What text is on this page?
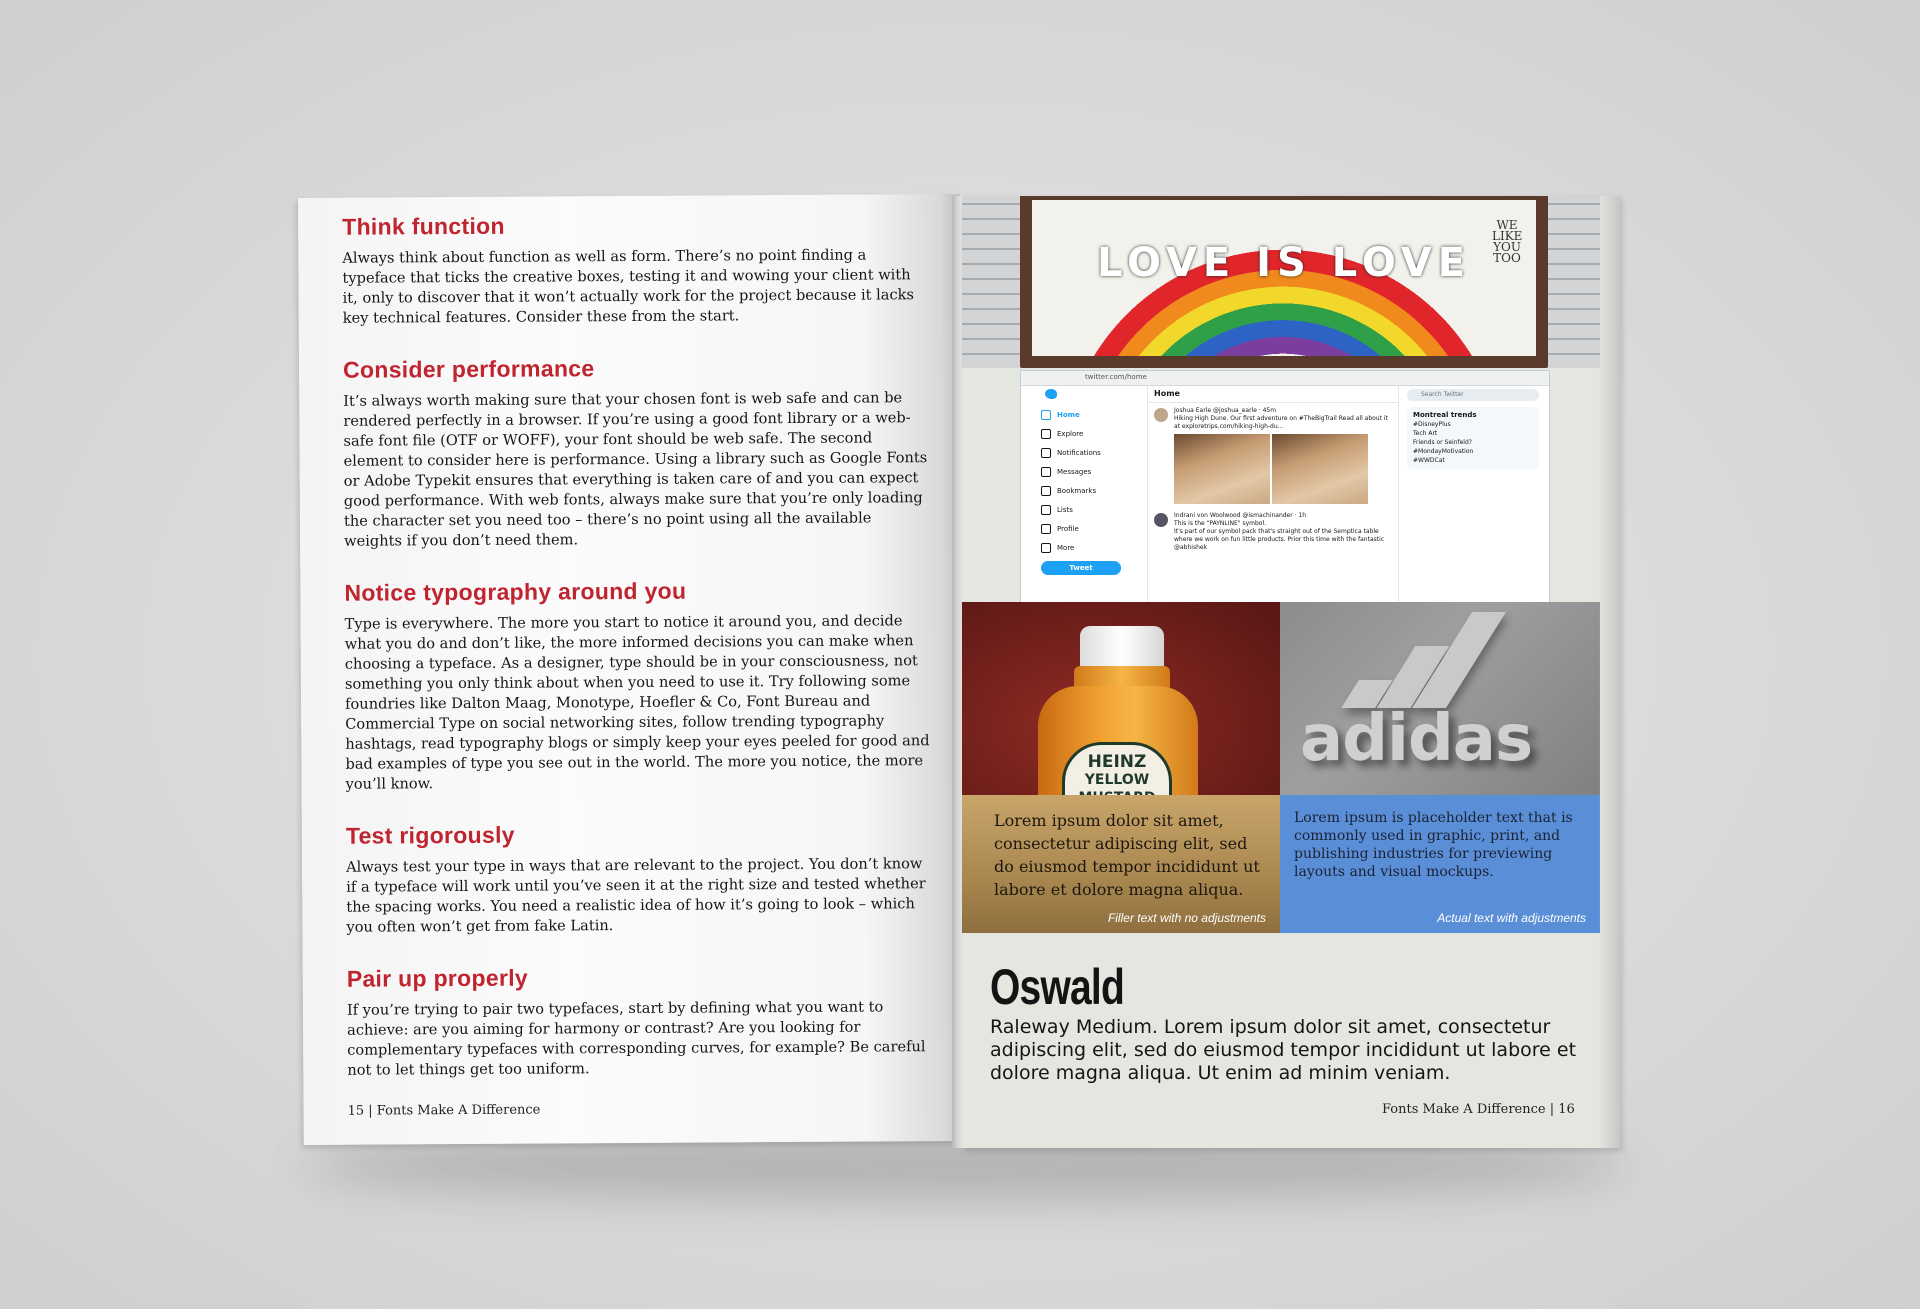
Think function

Always think about function as well as form. There’s no point finding a typeface that ticks the creative boxes, testing it and wowing your client with it, only to discover that it won’t actually work for the project because it lacks key technical features. Consider these from the start.

Consider performance

It’s always worth making sure that your chosen font is web safe and can be rendered perfectly in a browser. If you’re using a good font library or a web-safe font file (OTF or WOFF), your font should be web safe. The second element to consider here is performance. Using a library such as Google Fonts or Adobe Typekit ensures that everything is taken care of and you can expect good performance. With web fonts, always make sure that you’re only loading the character set you need too – there’s no point using all the available weights if you don’t need them.

Notice typography around you

Type is everywhere. The more you start to notice it around you, and decide what you do and don’t like, the more informed decisions you can make when choosing a typeface. As a designer, type should be in your consciousness, not something you only think about when you need to use it. Try following some foundries like Dalton Maag, Monotype, Hoefler & Co, Font Bureau and Commercial Type on social networking sites, follow trending typography hashtags, read typography blogs or simply keep your eyes peeled for good and bad examples of type you see out in the world. The more you notice, the more you’ll know.

Test rigorously

Always test your type in ways that are relevant to the project. You don’t know if a typeface will work until you’ve seen it at the right size and tested whether the spacing works. You need a realistic idea of how it’s going to look – which you often won’t get from fake Latin.

Pair up properly

If you’re trying to pair two typefaces, start by defining what you want to achieve: are you aiming for harmony or contrast? Are you looking for complementary typefaces with corresponding curves, for example? Be careful not to let things get too uniform.

15 | Fonts Make A Difference
LOVE IS LOVE
WE LIKE YOU TOO
twitter.com/home
Home
Explore
Notifications
Messages
Bookmarks
Lists
Profile
More
Tweet
Home
Joshua Earle @joshua_earle · 45m
Hiking High Dune. Our first adventure on #TheBigTrail Read all about it at exploretrips.com/hiking-high-du...
Indrani von Woolwood @ismachinander · 1h
This is the "PAYNLINE" symbol.
It's part of our symbol pack that's straight out of the Semptica table where we work on fun little products. Prior this time with the fantastic @abhishek
Search Twitter
Montreal trends
#DisneyPlus
Tech Art
Friends or Seinfeld?
#MondayMotivation
#WWDCat
HEINZ
YELLOW
adidas
Lorem ipsum dolor sit amet, consectetur adipiscing elit, sed do eiusmod tempor incididunt ut labore et dolore magna aliqua.
Filler text with no adjustments
Lorem ipsum is placeholder text that is commonly used in graphic, print, and publishing industries for previewing layouts and visual mockups.
Actual text with adjustments
Oswald
Raleway Medium. Lorem ipsum dolor sit amet, consectetur adipiscing elit, sed do eiusmod tempor incididunt ut labore et dolore magna aliqua. Ut enim ad minim veniam.
Fonts Make A Difference | 16
